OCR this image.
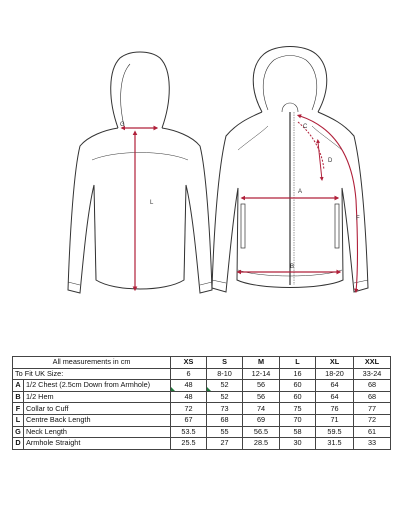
G
L
C
D
A
F
B
All measurements in cm		XS	S	M	L	XL	XXL
To Fit UK Size:		6	8-10	12-14	16	18-20	33-24
A	1/2 Chest (2.5cm Down from Armhole)	48	52	56	60	64	68
B	1/2 Hem	48	52	56	60	64	68
F	Collar to Cuff	72	73	74	75	76	77
L	Centre Back Length	67	68	69	70	71	72
G	Neck Length	53.5	55	56.5	58	59.5	61
D	Armhole Straight	25.5	27	28.5	30	31.5	33
